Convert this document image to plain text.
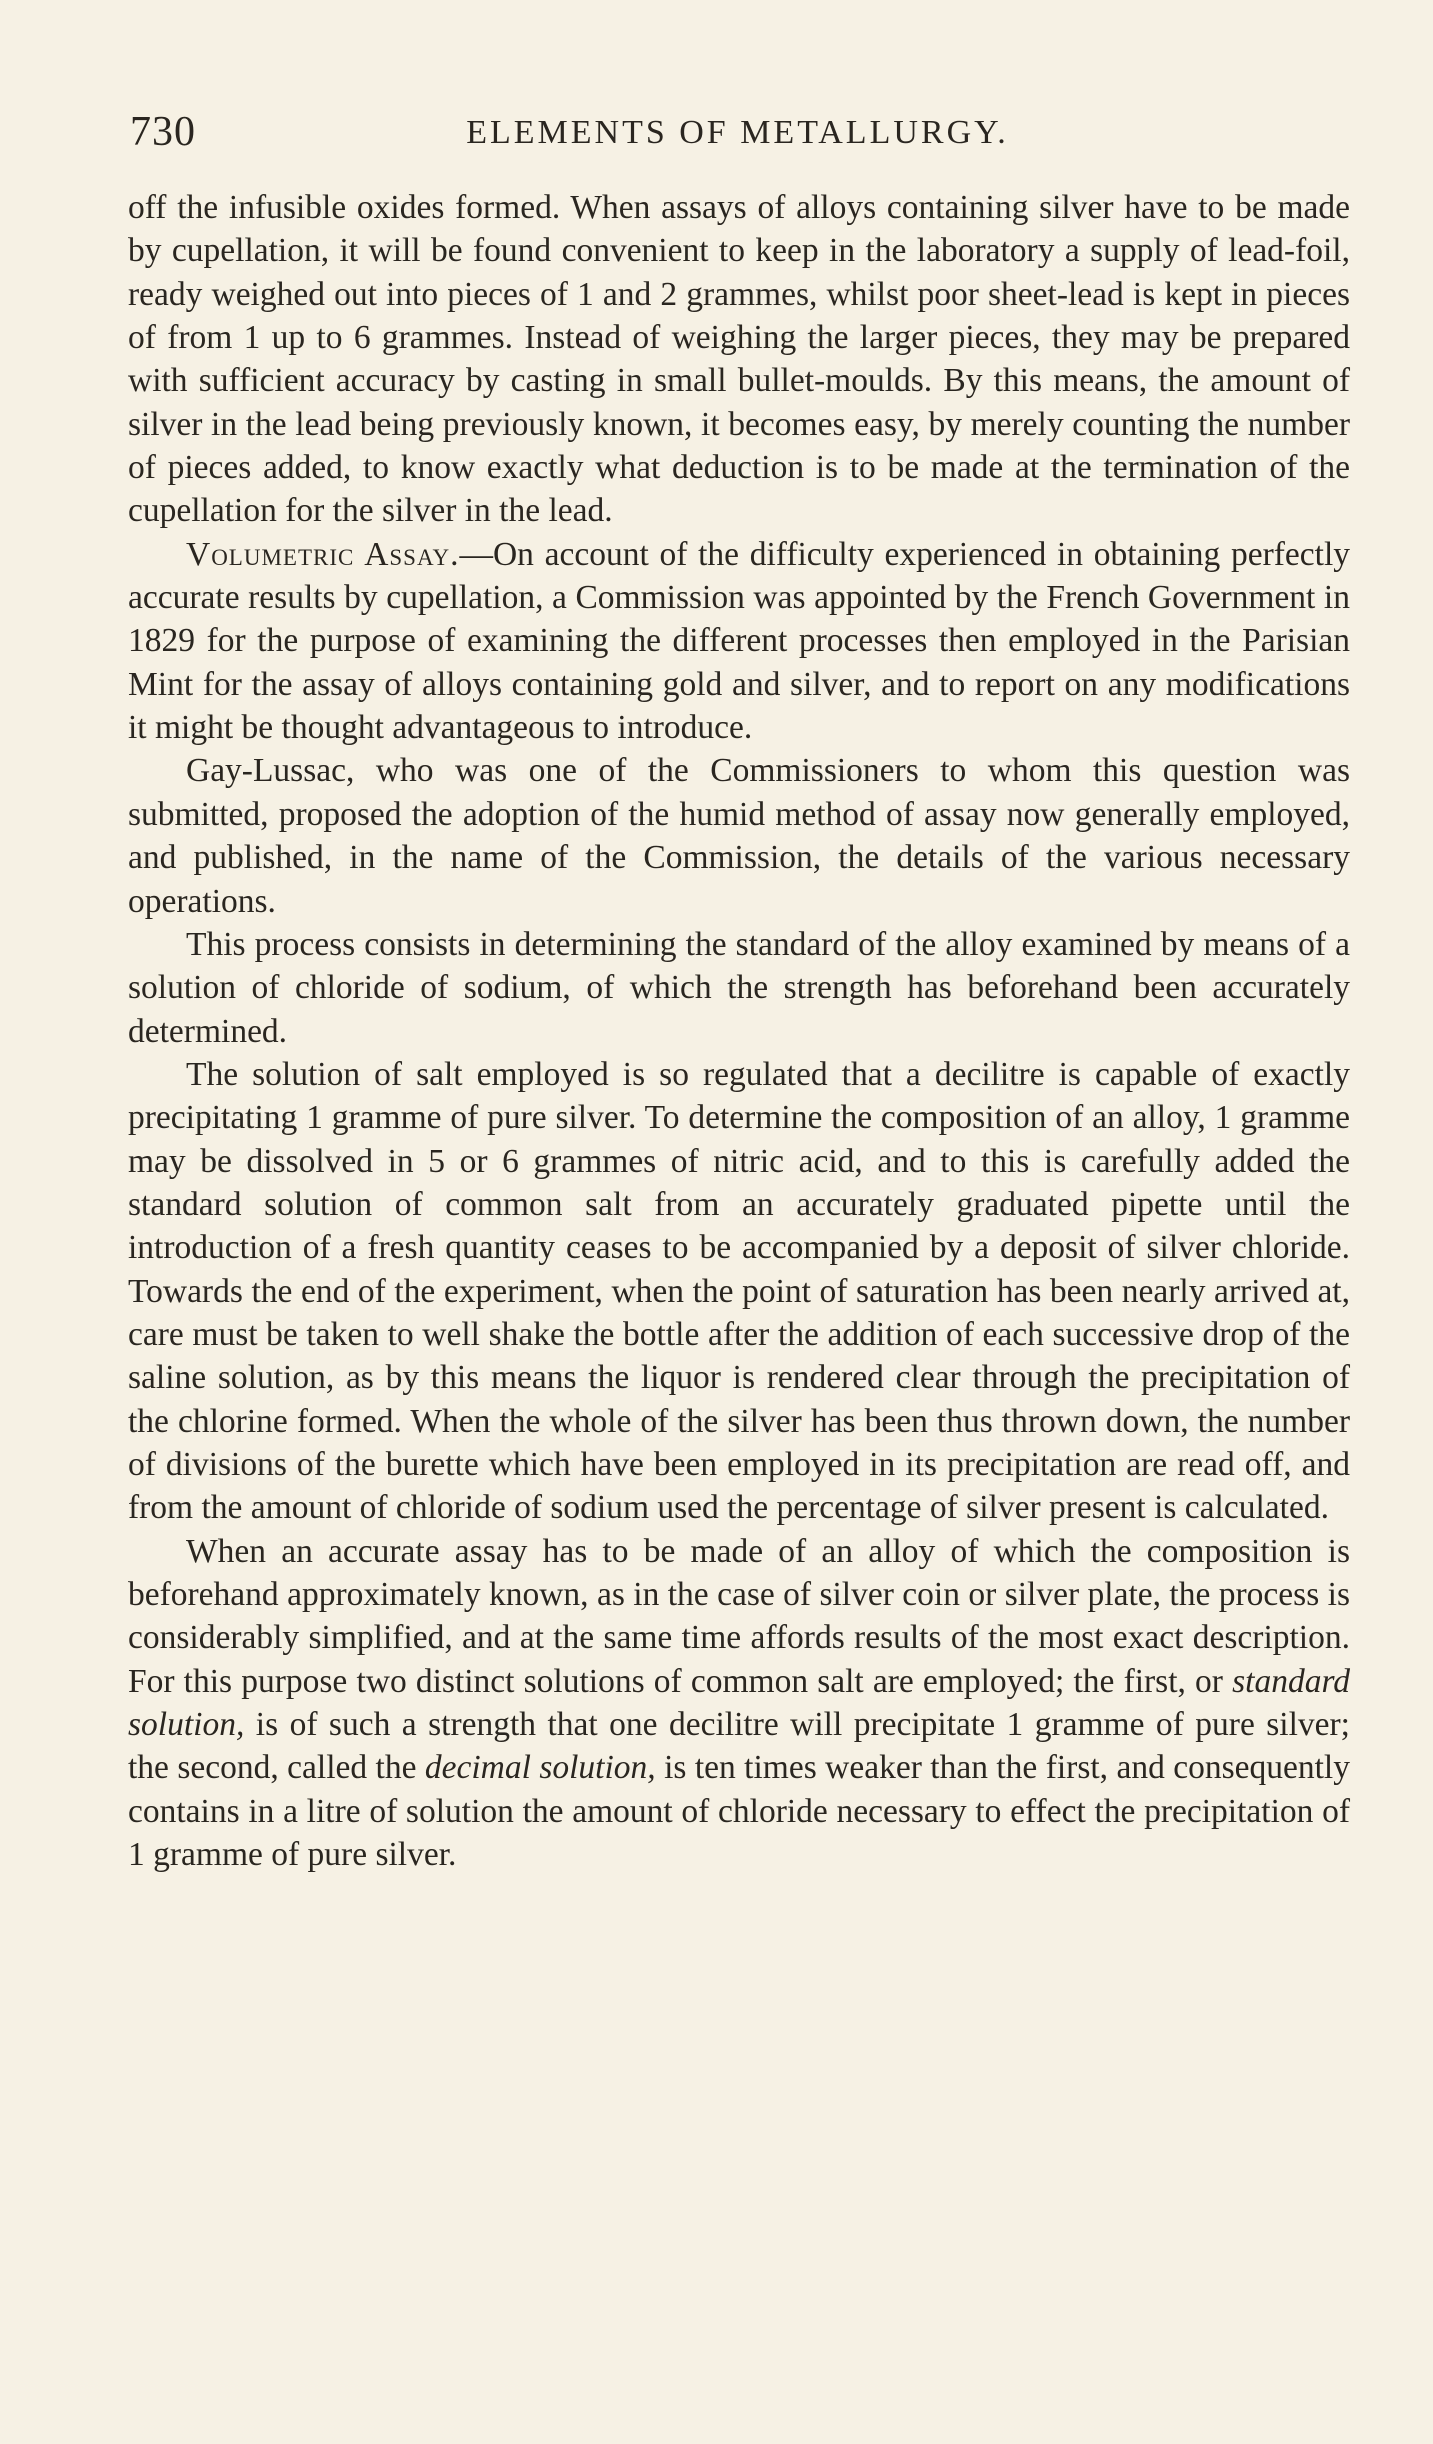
730	ELEMENTS OF METALLURGY.

off the infusible oxides formed. When assays of alloys containing silver have to be made by cupellation, it will be found convenient to keep in the laboratory a supply of lead-foil, ready weighed out into pieces of 1 and 2 grammes, whilst poor sheet-lead is kept in pieces of from 1 up to 6 grammes. Instead of weighing the larger pieces, they may be prepared with sufficient accuracy by casting in small bullet-moulds. By this means, the amount of silver in the lead being previously known, it becomes easy, by merely counting the number of pieces added, to know exactly what deduction is to be made at the termination of the cupellation for the silver in the lead.

Volumetric Assay.—On account of the difficulty experienced in obtaining perfectly accurate results by cupellation, a Commission was appointed by the French Government in 1829 for the purpose of examining the different processes then employed in the Parisian Mint for the assay of alloys containing gold and silver, and to report on any modifications it might be thought advantageous to introduce.

Gay-Lussac, who was one of the Commissioners to whom this question was submitted, proposed the adoption of the humid method of assay now generally employed, and published, in the name of the Commission, the details of the various necessary operations.

This process consists in determining the standard of the alloy examined by means of a solution of chloride of sodium, of which the strength has beforehand been accurately determined.

The solution of salt employed is so regulated that a decilitre is capable of exactly precipitating 1 gramme of pure silver. To determine the composition of an alloy, 1 gramme may be dissolved in 5 or 6 grammes of nitric acid, and to this is carefully added the standard solution of common salt from an accurately graduated pipette until the introduction of a fresh quantity ceases to be accompanied by a deposit of silver chloride. Towards the end of the experiment, when the point of saturation has been nearly arrived at, care must be taken to well shake the bottle after the addition of each successive drop of the saline solution, as by this means the liquor is rendered clear through the precipitation of the chlorine formed. When the whole of the silver has been thus thrown down, the number of divisions of the burette which have been employed in its precipitation are read off, and from the amount of chloride of sodium used the percentage of silver present is calculated.

When an accurate assay has to be made of an alloy of which the composition is beforehand approximately known, as in the case of silver coin or silver plate, the process is considerably simplified, and at the same time affords results of the most exact description. For this purpose two distinct solutions of common salt are employed; the first, or standard solution, is of such a strength that one decilitre will precipitate 1 gramme of pure silver; the second, called the decimal solution, is ten times weaker than the first, and consequently contains in a litre of solution the amount of chloride necessary to effect the precipitation of 1 gramme of pure silver.
